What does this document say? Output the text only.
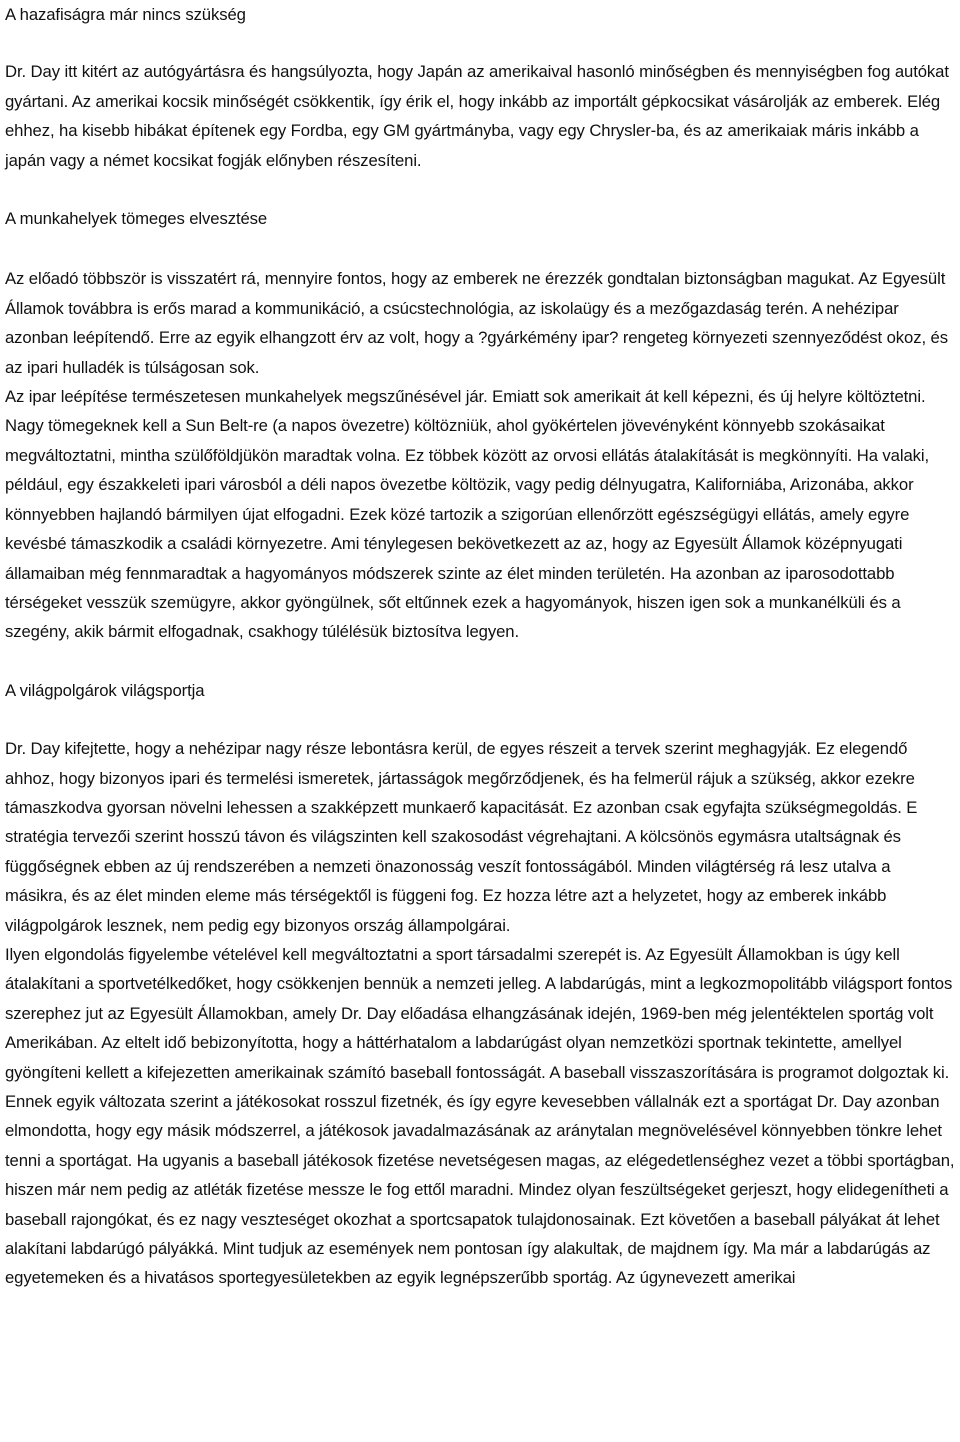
A hazafiságra már nincs szükség

Dr. Day itt kitért az autógyártásra és hangsúlyozta, hogy Japán az amerikaival hasonló minőségben és mennyiségben fog autókat gyártani. Az amerikai kocsik minőségét csökkentik, így érik el, hogy inkább az importált gépkocsikat vásárolják az emberek. Elég ehhez, ha kisebb hibákat építenek egy Fordba, egy GM gyártmányba, vagy egy Chrysler-ba, és az amerikaiak máris inkább a japán vagy a német kocsikat fogják előnyben részesíteni.

A munkahelyek tömeges elvesztése

Az előadó többször is visszatért rá, mennyire fontos, hogy az emberek ne érezzék gondtalan biztonságban magukat. Az Egyesült Államok továbbra is erős marad a kommunikáció, a csúcstechnológia, az iskolaügy és a mezőgazdaság terén. A nehézipar azonban leépítendő. Erre az egyik elhangzott érv az volt, hogy a ?gyárkémény ipar? rengeteg környezeti szennyeződést okoz, és az ipari hulladék is túlságosan sok.

Az ipar leépítése természetesen munkahelyek megszűnésével jár. Emiatt sok amerikait át kell képezni, és új helyre költöztetni. Nagy tömegeknek kell a Sun Belt-re (a napos övezetre) költözniük, ahol gyökértelen jövevényként könnyebb szokásaikat megváltoztatni, mintha szülőföldjükön maradtak volna. Ez többek között az orvosi ellátás átalakítását is megkönnyíti. Ha valaki, például, egy északkeleti ipari városból a déli napos övezetbe költözik, vagy pedig délnyugatra, Kaliforniába, Arizonába, akkor könnyebben hajlandó bármilyen újat elfogadni. Ezek közé tartozik a szigorúan ellenőrzött egészségügyi ellátás, amely egyre kevésbé támaszkodik a családi környezetre. Ami ténylegesen bekövetkezett az az, hogy az Egyesült Államok középnyugati államaiban még fennmaradtak a hagyományos módszerek szinte az élet minden területén. Ha azonban az iparosodottabb térségeket vesszük szemügyre, akkor gyöngülnek, sőt eltűnnek ezek a hagyományok, hiszen igen sok a munkanélküli és a szegény, akik bármit elfogadnak, csakhogy túlélésük biztosítva legyen.

A világpolgárok világsportja

Dr. Day kifejtette, hogy a nehézipar nagy része lebontásra kerül, de egyes részeit a tervek szerint meghagyják. Ez elegendő ahhoz, hogy bizonyos ipari és termelési ismeretek, jártasságok megőrződjenek, és ha felmerül rájuk a szükség, akkor ezekre támaszkodva gyorsan növelni lehessen a szakképzett munkaerő kapacitását. Ez azonban csak egyfajta szükségmegoldás. E stratégia tervezői szerint hosszú távon és világszinten kell szakosodást végrehajtani. A kölcsönös egymásra utaltságnak és függőségnek ebben az új rendszerében a nemzeti önazonosság veszít fontosságából. Minden világtérség rá lesz utalva a másikra, és az élet minden eleme más térségektől is függeni fog. Ez hozza létre azt a helyzetet, hogy az emberek inkább világpolgárok lesznek, nem pedig egy bizonyos ország állampolgárai.

Ilyen elgondolás figyelembe vételével kell megváltoztatni a sport társadalmi szerepét is. Az Egyesült Államokban is úgy kell átalakítani a sportvetélkedőket, hogy csökkenjen bennük a nemzeti jelleg. A labdarúgás, mint a legkozmopolitább világsport fontos szerephez jut az Egyesült Államokban, amely Dr. Day előadása elhangzásának idején, 1969-ben még jelentéktelen sportág volt Amerikában. Az eltelt idő bebizonyította, hogy a háttérhatalom a labdarúgást olyan nemzetközi sportnak tekintette, amellyel gyöngíteni kellett a kifejezetten amerikainak számító baseball fontosságát. A baseball visszaszorítására is programot dolgoztak ki. Ennek egyik változata szerint a játékosokat rosszul fizetnék, és így egyre kevesebben vállalnák ezt a sportágat Dr. Day azonban elmondotta, hogy egy másik módszerrel, a játékosok javadalmazásának az aránytalan megnövelésével könnyebben tönkre lehet tenni a sportágat. Ha ugyanis a baseball játékosok fizetése nevetségesen magas, az elégedetlenséghez vezet a többi sportágban, hiszen már nem pedig az atléták fizetése messze le fog ettől maradni. Mindez olyan feszültségeket gerjeszt, hogy elidegenítheti a baseball rajongókat, és ez nagy veszteséget okozhat a sportcsapatok tulajdonosainak. Ezt követően a baseball pályákat át lehet alakítani labdarúgó pályákká. Mint tudjuk az események nem pontosan így alakultak, de majdnem így. Ma már a labdarúgás az egyetemeken és a hivatásos sportegyesületekben az egyik legnépszerűbb sportág. Az úgynevezett amerikai
